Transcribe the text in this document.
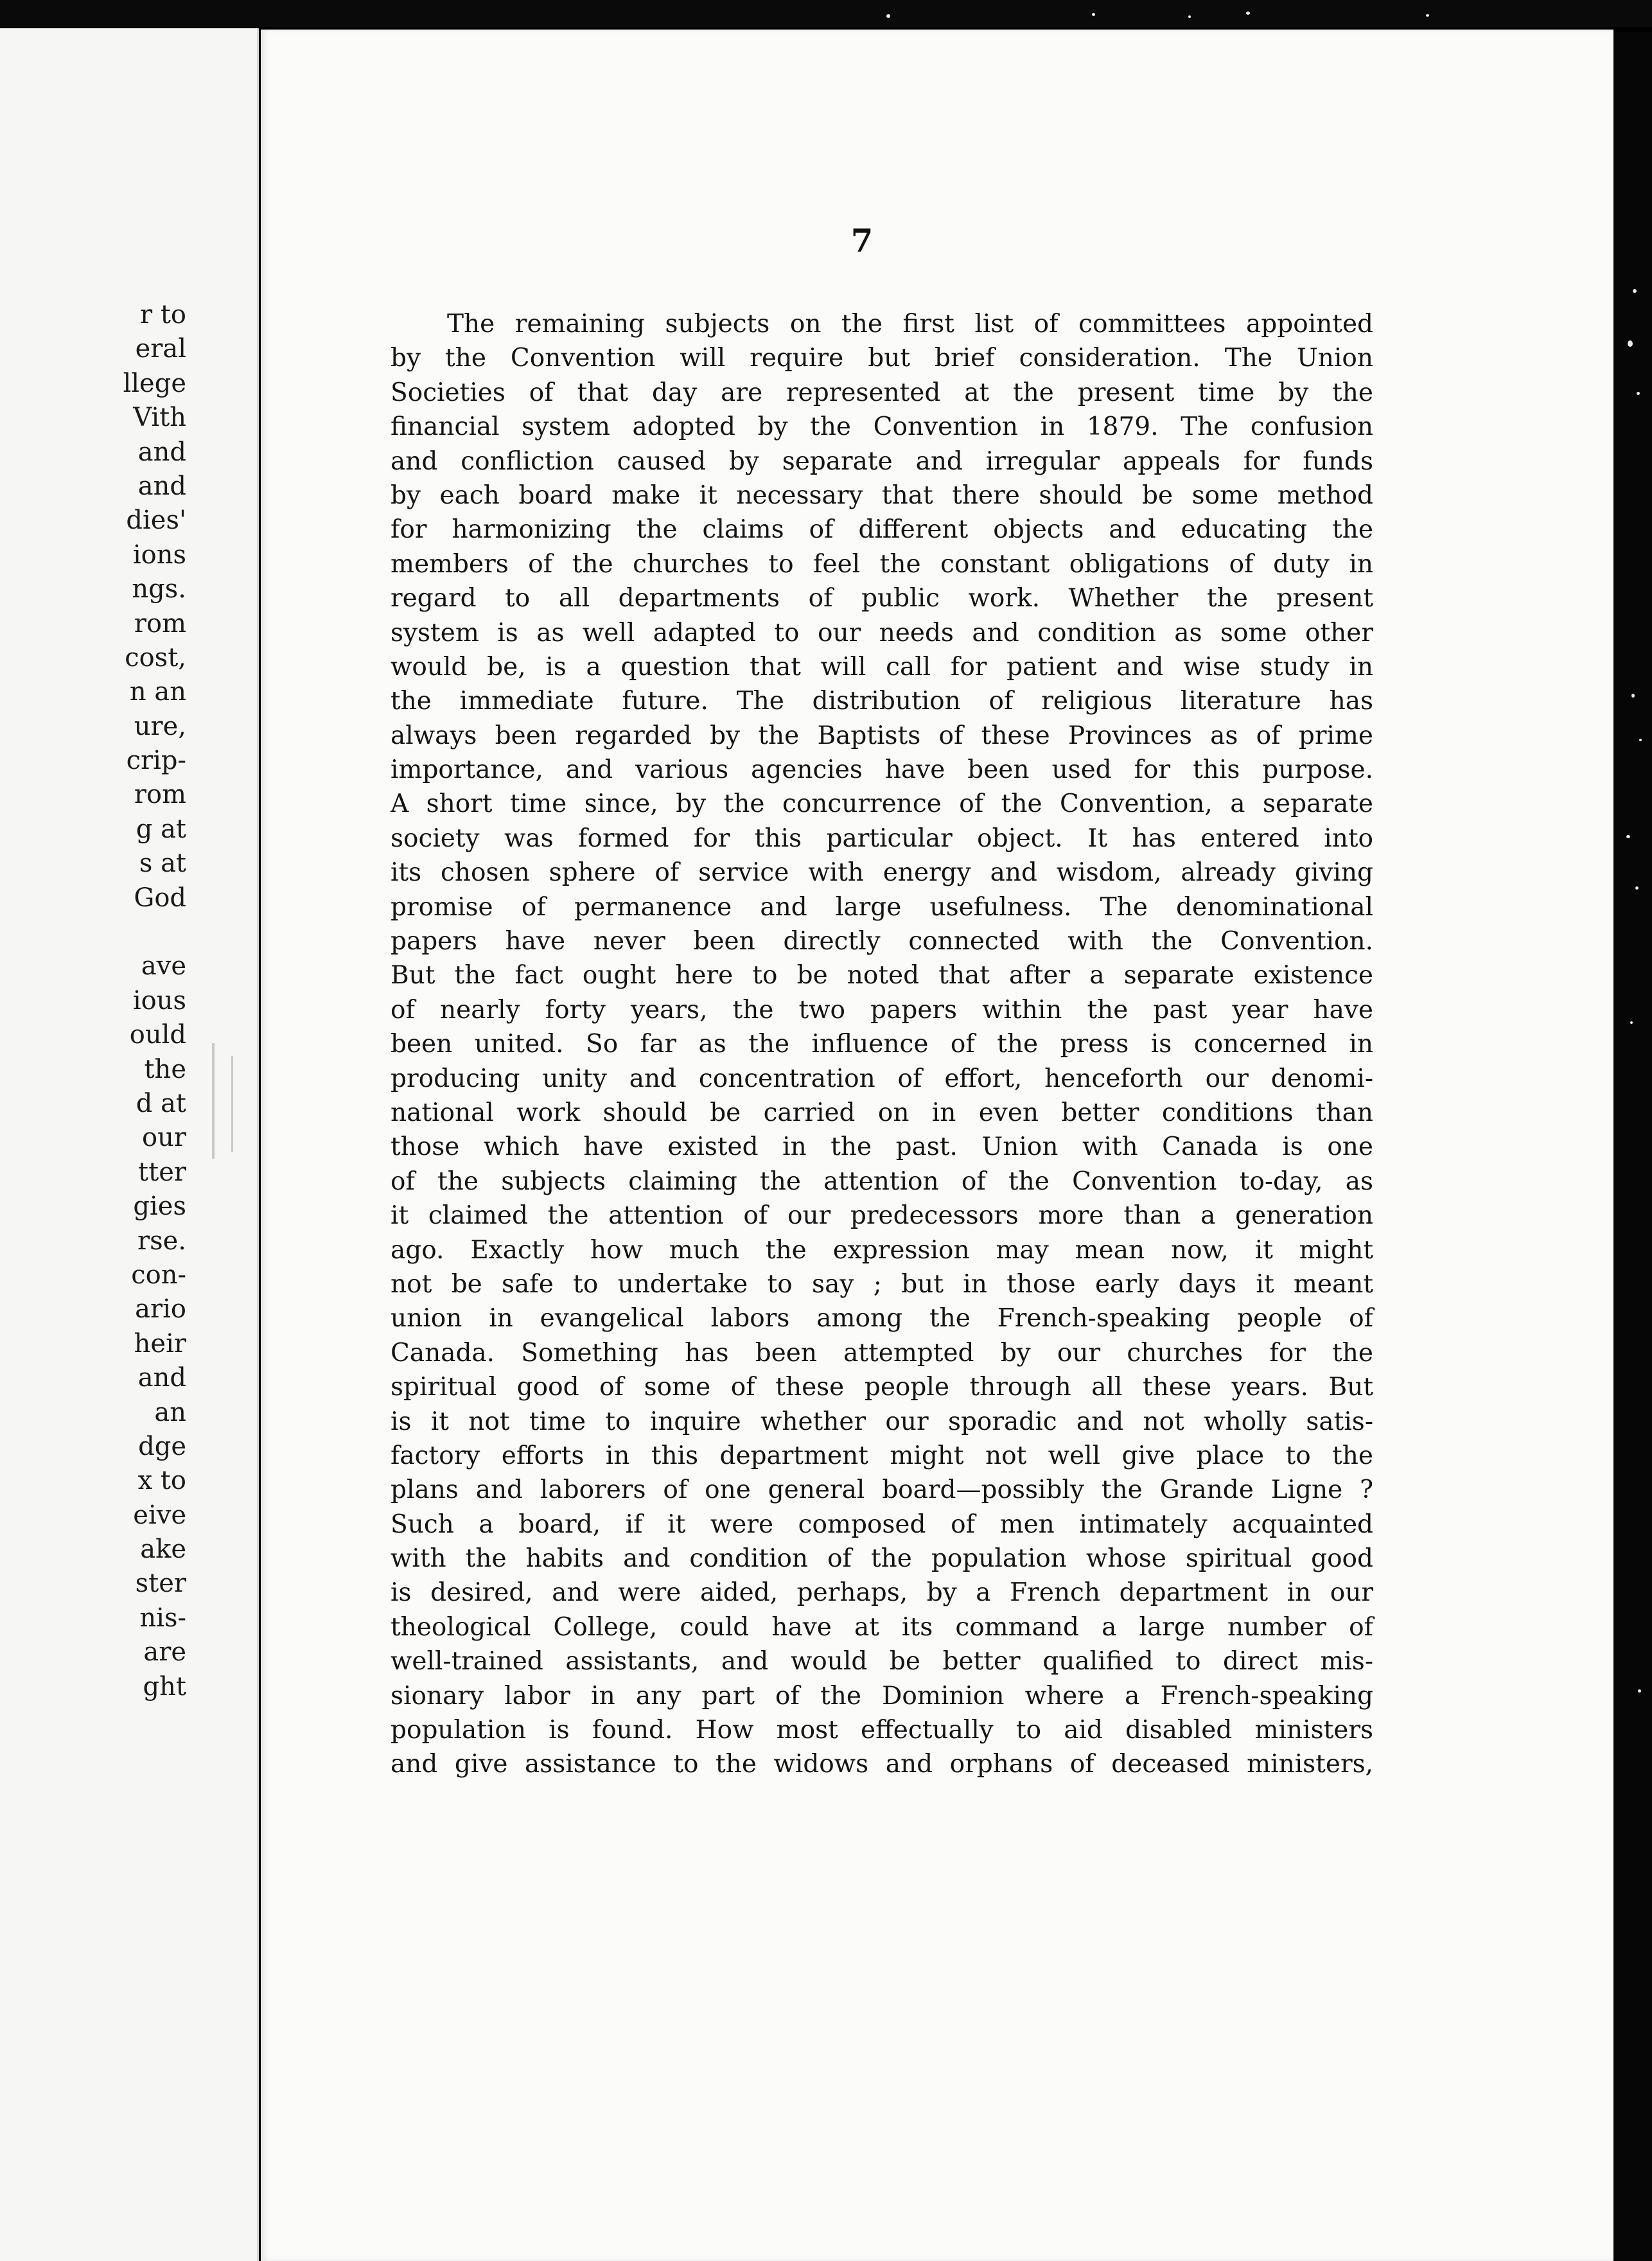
r to
eral
llege
Vith
and
and
dies'
ions
ngs.
rom
cost,
n an
ure,
crip-
rom
g at
s at
God
ave
ious
ould
the
d at
our
tter
gies
rse.
con-
ario
heir
and
an
dge
x to
eive
ake
ster
nis-
are
ght
7
The remaining subjects on the first list of committees appointed
by the Convention will require but brief consideration. The Union
Societies of that day are represented at the present time by the
financial system adopted by the Convention in 1879. The confusion
and confliction caused by separate and irregular appeals for funds
by each board make it necessary that there should be some method
for harmonizing the claims of different objects and educating the
members of the churches to feel the constant obligations of duty in
regard to all departments of public work. Whether the present
system is as well adapted to our needs and condition as some other
would be, is a question that will call for patient and wise study in
the immediate future. The distribution of religious literature has
always been regarded by the Baptists of these Provinces as of prime
importance, and various agencies have been used for this purpose.
A short time since, by the concurrence of the Convention, a separate
society was formed for this particular object. It has entered into
its chosen sphere of service with energy and wisdom, already giving
promise of permanence and large usefulness. The denominational
papers have never been directly connected with the Convention.
But the fact ought here to be noted that after a separate existence
of nearly forty years, the two papers within the past year have
been united. So far as the influence of the press is concerned in
producing unity and concentration of effort, henceforth our denomi-
national work should be carried on in even better conditions than
those which have existed in the past. Union with Canada is one
of the subjects claiming the attention of the Convention to-day, as
it claimed the attention of our predecessors more than a generation
ago. Exactly how much the expression may mean now, it might
not be safe to undertake to say ; but in those early days it meant
union in evangelical labors among the French-speaking people of
Canada. Something has been attempted by our churches for the
spiritual good of some of these people through all these years. But
is it not time to inquire whether our sporadic and not wholly satis-
factory efforts in this department might not well give place to the
plans and laborers of one general board—possibly the Grande Ligne ?
Such a board, if it were composed of men intimately acquainted
with the habits and condition of the population whose spiritual good
is desired, and were aided, perhaps, by a French department in our
theological College, could have at its command a large number of
well-trained assistants, and would be better qualified to direct mis-
sionary labor in any part of the Dominion where a French-speaking
population is found. How most effectually to aid disabled ministers
and give assistance to the widows and orphans of deceased ministers,
